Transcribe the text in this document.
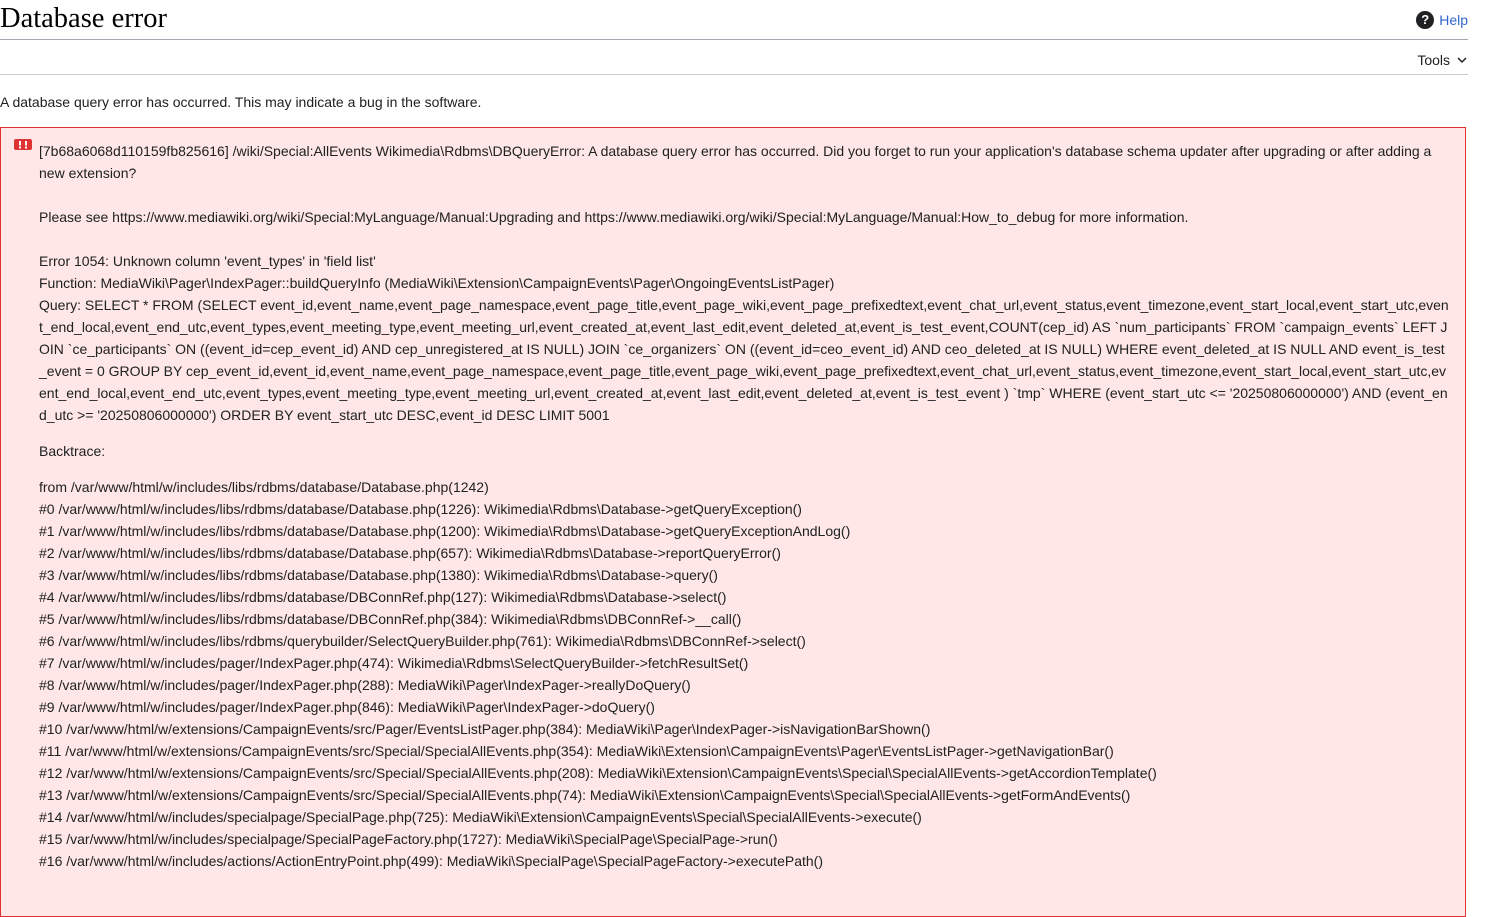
Database error	? Help
Tools

A database query error has occurred. This may indicate a bug in the software.

[7b68a6068d110159fb825616] /wiki/Special:AllEvents Wikimedia\Rdbms\DBQueryError: A database query error has occurred. Did you forget to run your application's database schema updater after upgrading or after adding a new extension?

Please see https://www.mediawiki.org/wiki/Special:MyLanguage/Manual:Upgrading and https://www.mediawiki.org/wiki/Special:MyLanguage/Manual:How_to_debug for more information.

Error 1054: Unknown column 'event_types' in 'field list'

Function: MediaWiki\Pager\IndexPager::buildQueryInfo (MediaWiki\Extension\CampaignEvents\Pager\OngoingEventsListPager)

Query: SELECT * FROM (SELECT event_id,event_name,event_page_namespace,event_page_title,event_page_wiki,event_page_prefixedtext,event_chat_url,event_status,event_timezone,event_start_local,event_start_utc,event_end_local,event_end_utc,event_types,event_meeting_type,event_meeting_url,event_created_at,event_last_edit,event_deleted_at,event_is_test_event,COUNT(cep_id) AS `num_participants` FROM `campaign_events` LEFT JOIN `ce_participants` ON ((event_id=cep_event_id) AND cep_unregistered_at IS NULL) JOIN `ce_organizers` ON ((event_id=ceo_event_id) AND ceo_deleted_at IS NULL) WHERE event_deleted_at IS NULL AND event_is_test_event = 0 GROUP BY cep_event_id,event_id,event_name,event_page_namespace,event_page_title,event_page_wiki,event_page_prefixedtext,event_chat_url,event_status,event_timezone,event_start_local,event_start_utc,event_end_local,event_end_utc,event_types,event_meeting_type,event_meeting_url,event_created_at,event_last_edit,event_deleted_at,event_is_test_event ) `tmp` WHERE (event_start_utc <= '20250806000000') AND (event_end_utc >= '20250806000000') ORDER BY event_start_utc DESC,event_id DESC LIMIT 5001

Backtrace:

from /var/www/html/w/includes/libs/rdbms/database/Database.php(1242)

#0 /var/www/html/w/includes/libs/rdbms/database/Database.php(1226): Wikimedia\Rdbms\Database->getQueryException()

#1 /var/www/html/w/includes/libs/rdbms/database/Database.php(1200): Wikimedia\Rdbms\Database->getQueryExceptionAndLog()

#2 /var/www/html/w/includes/libs/rdbms/database/Database.php(657): Wikimedia\Rdbms\Database->reportQueryError()

#3 /var/www/html/w/includes/libs/rdbms/database/Database.php(1380): Wikimedia\Rdbms\Database->query()

#4 /var/www/html/w/includes/libs/rdbms/database/DBConnRef.php(127): Wikimedia\Rdbms\Database->select()

#5 /var/www/html/w/includes/libs/rdbms/database/DBConnRef.php(384): Wikimedia\Rdbms\DBConnRef->__call()

#6 /var/www/html/w/includes/libs/rdbms/querybuilder/SelectQueryBuilder.php(761): Wikimedia\Rdbms\DBConnRef->select()

#7 /var/www/html/w/includes/pager/IndexPager.php(474): Wikimedia\Rdbms\SelectQueryBuilder->fetchResultSet()

#8 /var/www/html/w/includes/pager/IndexPager.php(288): MediaWiki\Pager\IndexPager->reallyDoQuery()

#9 /var/www/html/w/includes/pager/IndexPager.php(846): MediaWiki\Pager\IndexPager->doQuery()

#10 /var/www/html/w/extensions/CampaignEvents/src/Pager/EventsListPager.php(384): MediaWiki\Pager\IndexPager->isNavigationBarShown()

#11 /var/www/html/w/extensions/CampaignEvents/src/Special/SpecialAllEvents.php(354): MediaWiki\Extension\CampaignEvents\Pager\EventsListPager->getNavigationBar()

#12 /var/www/html/w/extensions/CampaignEvents/src/Special/SpecialAllEvents.php(208): MediaWiki\Extension\CampaignEvents\Special\SpecialAllEvents->getAccordionTemplate()

#13 /var/www/html/w/extensions/CampaignEvents/src/Special/SpecialAllEvents.php(74): MediaWiki\Extension\CampaignEvents\Special\SpecialAllEvents->getFormAndEvents()

#14 /var/www/html/w/includes/specialpage/SpecialPage.php(725): MediaWiki\Extension\CampaignEvents\Special\SpecialAllEvents->execute()

#15 /var/www/html/w/includes/specialpage/SpecialPageFactory.php(1727): MediaWiki\SpecialPage\SpecialPage->run()

#16 /var/www/html/w/includes/actions/ActionEntryPoint.php(499): MediaWiki\SpecialPage\SpecialPageFactory->executePath()
